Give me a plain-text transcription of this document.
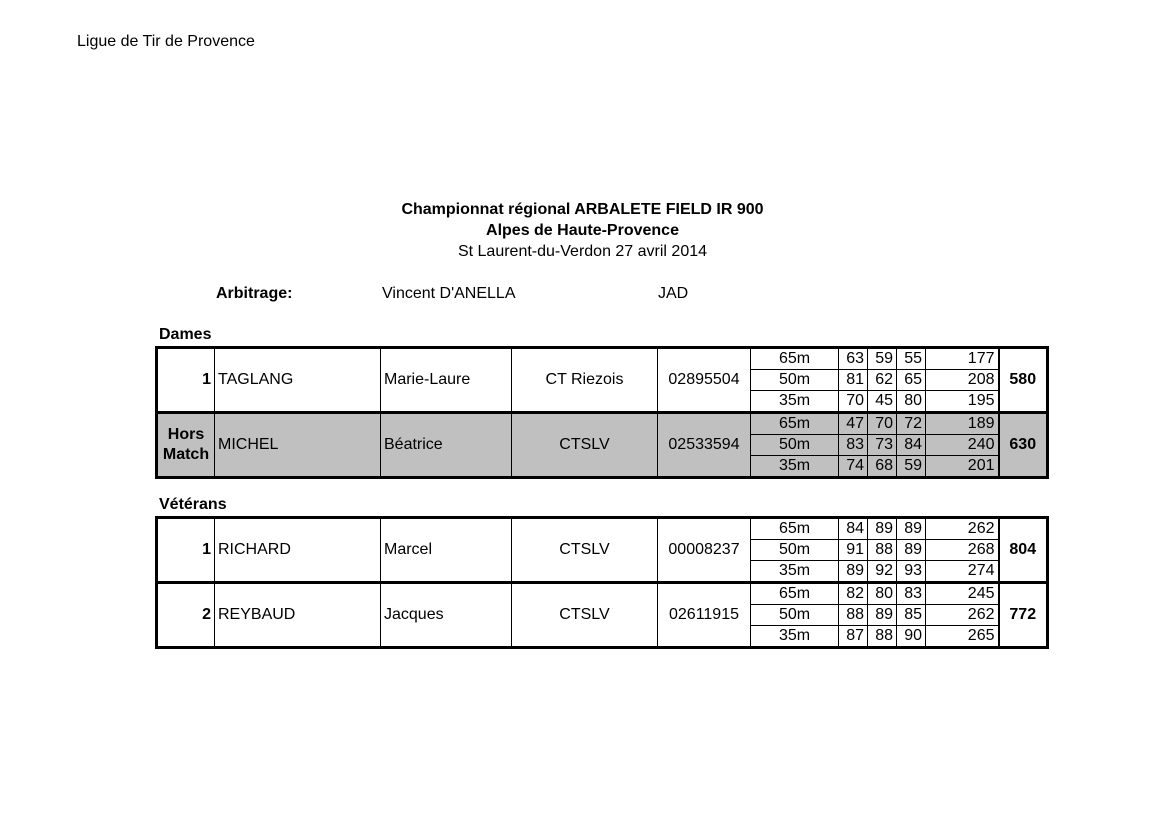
Ligue de Tir de Provence
Championnat régional ARBALETE FIELD IR 900
Alpes de Haute-Provence
St Laurent-du-Verdon 27 avril 2014
Arbitrage:	Vincent D'ANELLA	JAD
Dames
1	TAGLANG	Marie-Laure	CT Riezois	02895504	65m	63	59	55	177	580
					50m	81	62	65	208	
					35m	70	45	80	195	
Hors Match	MICHEL	Béatrice	CTSLV	02533594	65m	47	70	72	189	630
					50m	83	73	84	240	
					35m	74	68	59	201	
Vétérans
1	RICHARD	Marcel	CTSLV	00008237	65m	84	89	89	262	804
					50m	91	88	89	268	
					35m	89	92	93	274	
2	REYBAUD	Jacques	CTSLV	02611915	65m	82	80	83	245	772
					50m	88	89	85	262	
					35m	87	88	90	265	
